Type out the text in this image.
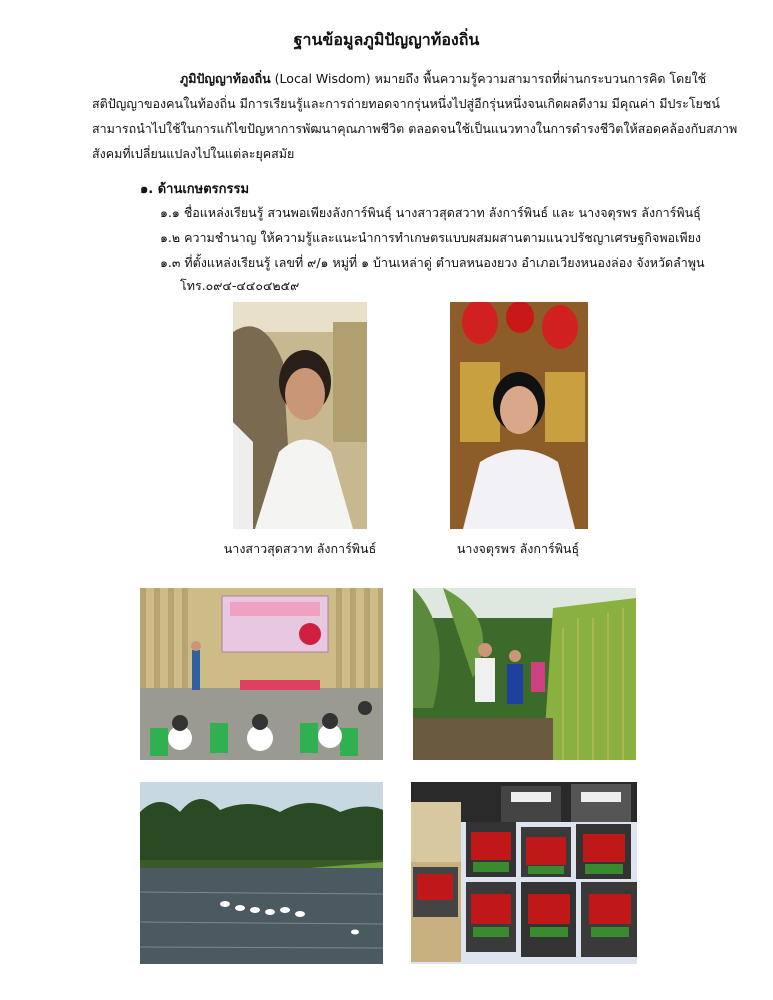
ฐานข้อมูลภูมิปัญญาท้องถิ่น
ภูมิปัญญาท้องถิ่น (Local Wisdom) หมายถึง พื้นความรู้ความสามารถที่ผ่านกระบวนการคิด โดยใช้
สติปัญญาของคนในท้องถิ่น มีการเรียนรู้และการถ่ายทอดจากรุ่นหนึ่งไปสู่อีกรุ่นหนึ่งจนเกิดผลดีงาม มีคุณค่า มีประโยชน์
สามารถนำไปใช้ในการแก้ไขปัญหาการพัฒนาคุณภาพชีวิต ตลอดจนใช้เป็นแนวทางในการดำรงชีวิตให้สอดคล้องกับสภาพ
สังคมที่เปลี่ยนแปลงไปในแต่ละยุคสมัย
๑. ด้านเกษตรกรรม
๑.๑ ชื่อแหล่งเรียนรู้ สวนพอเพียงลังการ์พินธุ์ นางสาวสุดสวาท ลังการ์พินธ์ และ นางจตุรพร ลังการ์พินธุ์
๑.๒ ความชำนาญ ให้ความรู้และแนะนำการทำเกษตรแบบผสมผสานตามแนวปรัชญาเศรษฐกิจพอเพียง
๑.๓ ที่ตั้งแหล่งเรียนรู้ เลขที่ ๙/๑ หมู่ที่ ๑ บ้านเหล่าดู่ ตำบลหนองยวง อำเภอเวียงหนองล่อง จังหวัดลำพูน
โทร.๐๙๔-๔๔๐๔๒๕๙
นางสาวสุดสวาท ลังการ์พินธ์	นางจตุรพร ลังการ์พินธุ์
